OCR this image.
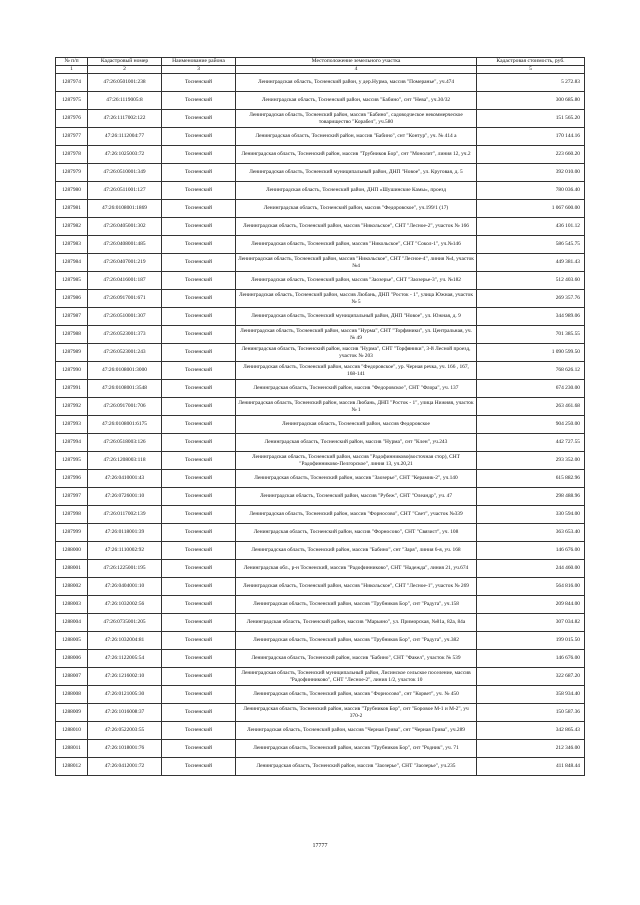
№ п/п	Кадастровый номер	Наименование района	Местоположение земельного участка	Кадастровая стоимость, руб.
1	2	3	4	5
1287974	47:26:0501001:238	Тосненский	Ленинградская область, Тосненский район, у дер.Нурма, массив "Померанье", уч.474	5 272.83
1287975	47:26:1119005:8	Тосненский	Ленинградская область, Тосненский район, массив "Бабино", снт "Нева", уч.30/32	300 685.80
1287976	47:26:1117002:122	Тосненский	Ленинградская область, Тосненский район, массив "Бабино", садоводческое некоммерческое товарищество "Корабел", уч.580	151 565.20
1287977	47:26:1112004:77	Тосненский	Ленинградская область, Тосненский район, массив "Бабино", снт "Контур", уч. № 414 а	170 144.16
1287978	47:26:1025003:72	Тосненский	Ленинградская область, Тосненский район, массив "Трубников Бор", снт "Монолит", линия 12, уч.2	223 660.20
1287979	47:26:0510001:349	Тосненский	Ленинградская область, Тосненский муниципальный район, ДНП "Новое", ул. Круговая, д. 5	392 010.00
1287980	47:26:0511001:127	Тосненский	Ленинградская область, Тосненский район, ДНП «Шушинские Камы», проезд	780 036.40
1287981	47:26:0108001:1869	Тосненский	Ленинградская область, Тосненский район, массив "Федоровское", уч.199/1 (17)	1 067 600.00
1287982	47:26:0405001:302	Тосненский	Ленинградская область, Тосненский район, массив "Никольское", СНТ "Лесное-2", участок № 166	436 101.12
1287983	47:26:0408001:485	Тосненский	Ленинградская область, Тосненский район, массив "Никольское", СНТ "Сокол-1", уч.№146	586 545.75
1287984	47:26:0407001:219	Тосненский	Ленинградская область, Тосненский район, массив "Никольское", СНТ "Лесное-4", линия №4, участок №4	449 381.43
1287985	47:26:0416001:187	Тосненский	Ленинградская область, Тосненский район, массив "Заозерье", СНТ "Заозерье-3", уч. №182	512 403.60
1287986	47:26:0917001:671	Тосненский	Ленинградская область, Тосненский район, массив Любань, ДНП "Росток - 1", улица Южная, участок № 5	269 357.76
1287987	47:26:0510001:307	Тосненский	Ленинградская область, Тосненский муниципальный район, ДНП "Новое", ул. Южная, д. 9	344 989.06
1287988	47:26:0523001:373	Тосненский	Ленинградская область, Тосненский район, массив "Нурма", СНТ "Торфяники", ул. Центральная, уч. № 49	701 385.55
1287989	47:26:0523001:243	Тосненский	Ленинградская область, Тосненский район, массив "Нурма", СНТ "Торфяники", 3-й Лесной проезд, участок № 203	1 090 599.50
1287990	47:26:0108001:3000	Тосненский	Ленинградская область, Тосненский район, массив "Федоровское", ур. Черная речка, уч. 166 , 167, 168-141	768 626.12
1287991	47:26:0108001:3548	Тосненский	Ленинградская область, Тосненский район, массив "Федоровское", СНТ "Флора", уч. 137	674 230.00
1287992	47:26:0917001:706	Тосненский	Ленинградская область, Тосненский район, массив Любань, ДНП "Росток - 1", улица Нижняя, участок № 1	263 461.68
1287993	47:26:0108001:6175	Тосненский	Ленинградская область, Тосненский район, массив Федоровское	904 250.00
1287994	47:26:0518003:126	Тосненский	Ленинградская область, Тосненский район, массив "Нурма", снт "Клен", уч.243	442 727.55
1287995	47:26:1208003:118	Тосненский	Ленинградская область, Тосненский район, массив "Радофинниково(восточная стор), СНТ "Радофинниково-Пелгорское", линия 13, уч.20,21	293 352.00
1287996	47:26:0410001:43	Тосненский	Ленинградская область, Тосненский район, массив "Заозерье", СНТ "Керамик-2", уч.140	615 882.96
1287997	47:26:0726001:10	Тосненский	Ленинградская область, Тосненский район, массив "Рубеж", СНТ "Олеандр", уч. 47	298 488.96
1287998	47:26:0117002:139	Тосненский	Ленинградская область, Тосненский район, массив "Форносово", СНТ "Свет", участок №339	330 594.00
1287999	47:26:0118001:39	Тосненский	Ленинградская область, Тосненский район, массив "Форносово", СНТ "Связист", уч. 108	363 653.40
1288000	47:26:1110002:92	Тосненский	Ленинградская область, Тосненский район, массив "Бабино", снт "Заря", линия 6-я, уч. 168	146 676.00
1288001	47:26:1225001:195	Тосненский	Ленинградская обл., р-н Тосненский, массив "Радофинниково", СНТ "Надежда", линия 21, уч.674	244 460.00
1288002	47:26:0404001:10	Тосненский	Ленинградская область, Тосненский район, массив "Никольское", СНТ "Лесное-1", участок № 269	564 816.00
1288003	47:26:1032002:56	Тосненский	Ленинградская область, Тосненский район, массив "Трубников Бор", снт "Радуга", уч.158	209 844.00
1288004	47:26:0735001:205	Тосненский	Ленинградская область, Тосненский район, массив "Марьино", ул. Приморская, №81а, 82а, 84а	307 034.82
1288005	47:26:1032004:81	Тосненский	Ленинградская область, Тосненский район, массив "Трубников Бор", снт "Радуга", уч.382	199 015.50
1288006	47:26:1122005:54	Тосненский	Ленинградская область, Тосненский район, массив "Бабино", СНТ "Факел", участок № 539	146 676.00
1288007	47:26:1216002:10	Тосненский	Ленинградская область, Тосненский муниципальный район, Лисинское сельское поселение, массив "Радофинниково", СНТ "Лесное-2", линия 1/2, участок 10	322 687.20
1288008	47:26:0121005:30	Тосненский	Ленинградская область, Тосненский район, массив "Форносово", снт "Корвет", уч. № 450	358 934.40
1288009	47:26:1016008:37	Тосненский	Ленинградская область, Тосненский район, массив "Трубников Бор", снт "Боровое М-1 и М-2", уч 370-2	150 587.36
1288010	47:26:0522003:55	Тосненский	Ленинградская область, Тосненский район, массив "Черная Грива", снт "Черная Грива", уч.289	342 865.43
1288011	47:26:1018001:76	Тосненский	Ленинградская область, Тосненский район, массив "Трубников Бор", снт "Родник", уч. 71	212 346.00
1288012	47:26:0412001:72	Тосненский	Ленинградская область, Тосненский район, массив "Заозерье", СНТ "Заозерье", уч.235	411 848.44
17777
